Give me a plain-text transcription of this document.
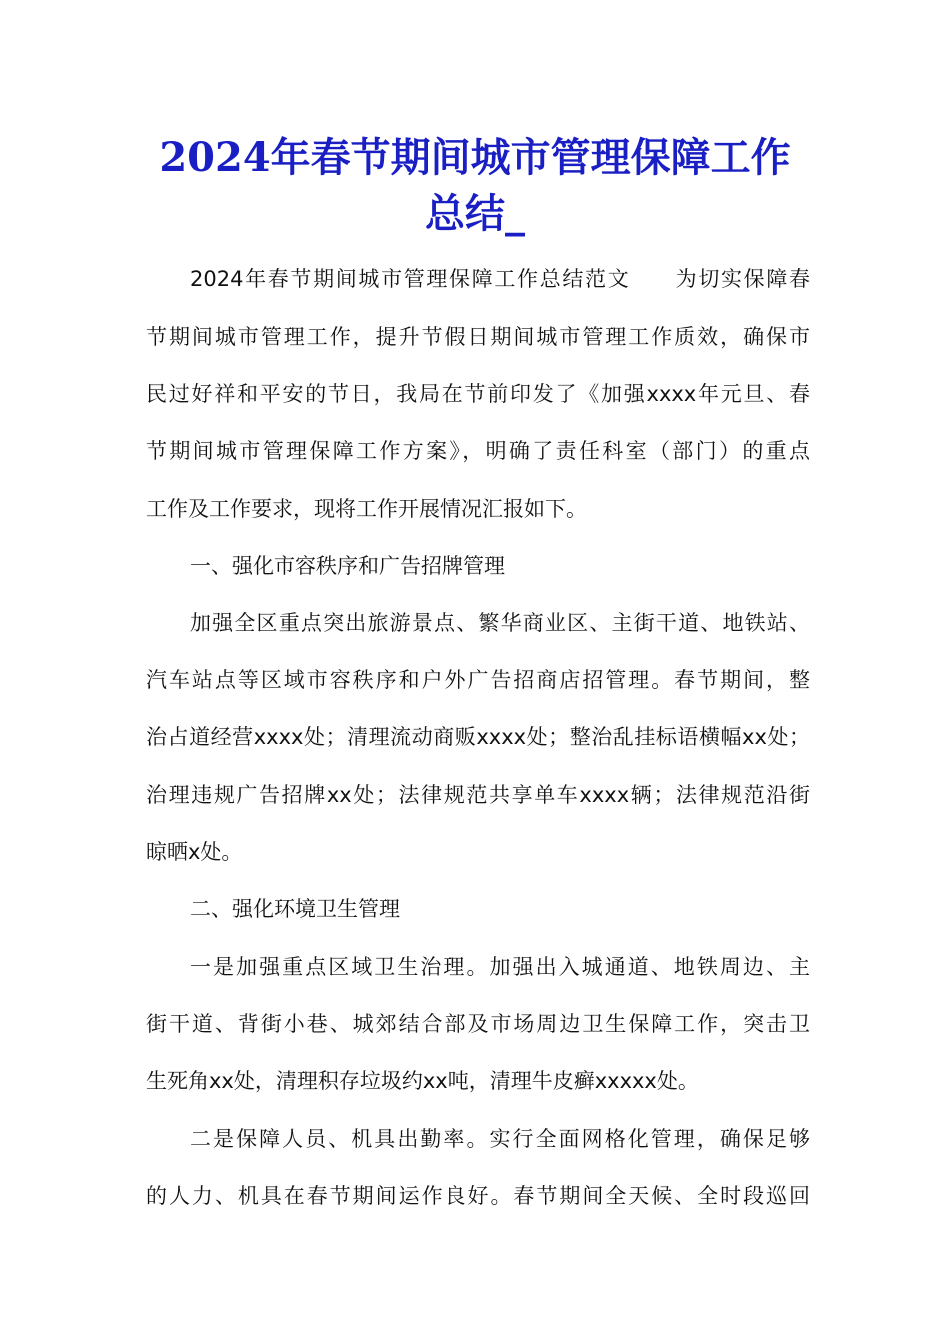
2024年春节期间城市管理保障工作
总结_
2024年春节期间城市管理保障工作总结范文　　为切实保障春
节期间城市管理工作，提升节假日期间城市管理工作质效，确保市
民过好祥和平安的节日，我局在节前印发了《加强xxxx年元旦、春
节期间城市管理保障工作方案》，明确了责任科室（部门）的重点
工作及工作要求，现将工作开展情况汇报如下。
一、强化市容秩序和广告招牌管理
加强全区重点突出旅游景点、繁华商业区、主街干道、地铁站、
汽车站点等区域市容秩序和户外广告招商店招管理。春节期间，整
治占道经营xxxx处；清理流动商贩xxxx处；整治乱挂标语横幅xx处；
治理违规广告招牌xx处；法律规范共享单车xxxx辆；法律规范沿街
晾晒x处。
二、强化环境卫生管理
一是加强重点区域卫生治理。加强出入城通道、地铁周边、主
街干道、背街小巷、城郊结合部及市场周边卫生保障工作，突击卫
生死角xx处，清理积存垃圾约xx吨，清理牛皮癣xxxxx处。
二是保障人员、机具出勤率。实行全面网格化管理，确保足够
的人力、机具在春节期间运作良好。春节期间全天候、全时段巡回
